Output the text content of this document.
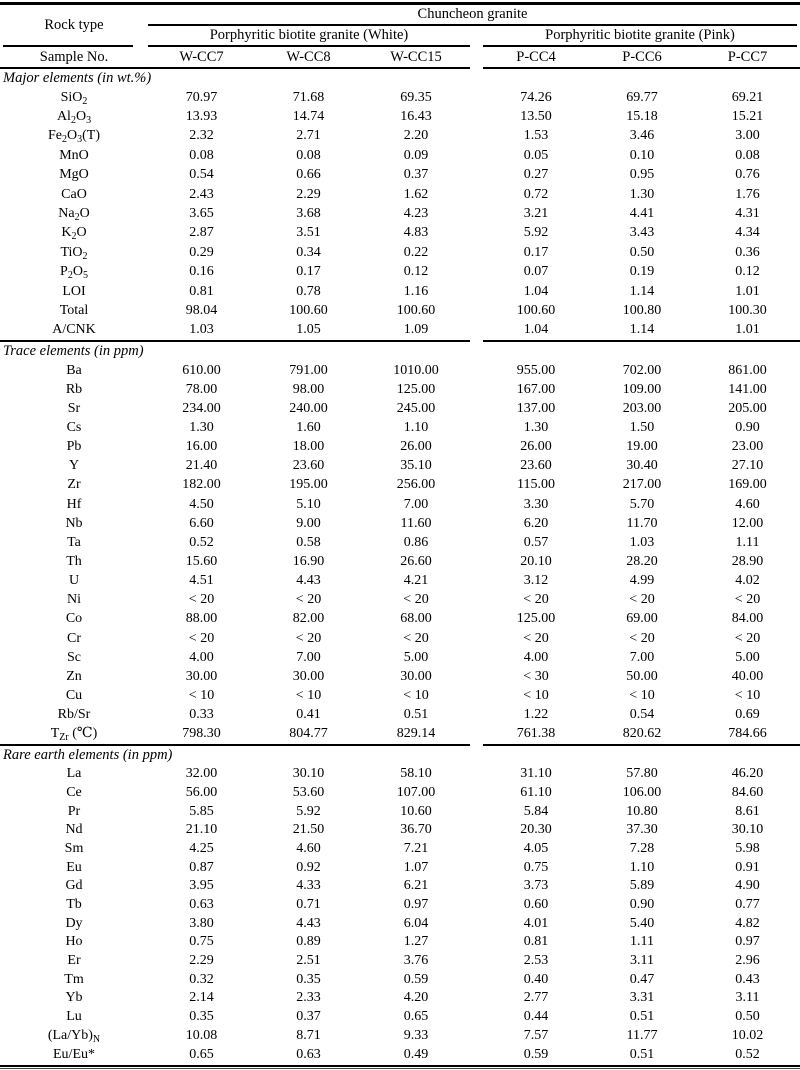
Rock type
Chuncheon granite
Porphyritic biotite granite (White)	Porphyritic biotite granite (Pink)
Sample No.	W-CC7	W-CC8	W-CC15	P-CC4	P-CC6	P-CC7
Major elements (in wt.%)
SiO$_2$	70.97	71.68	69.35	74.26	69.77	69.21
$Al_2O_3$	13.93	14.74	16.43	13.50	15.18	15.21
$Fe_2O_3(T)$	2.32	2.71	2.20	1.53	3.46	3.00
MnO	0.08	0.08	0.09	0.05	0.10	0.08
MgO	0.54	0.66	0.37	0.27	0.95	0.76
CaO	2.43	2.29	1.62	0.72	1.30	1.76
$Na_2O$	3.65	3.68	4.23	3.21	4.41	4.31
$K_2O$	2.87	3.51	4.83	5.92	3.43	4.34
TiO$_2$	0.29	0.34	0.22	0.17	0.50	0.36
$P_2O_5$	0.16	0.17	0.12	0.07	0.19	0.12
LOI	0.81	0.78	1.16	1.04	1.14	1.01
Total	98.04	100.60	100.60	100.60	100.80	100.30
A/CNK	1.03	1.05	1.09	1.04	1.14	1.01
Trace elements (in ppm)
Ba	610.00	791.00	1010.00	955.00	702.00	861.00
Rb	78.00	98.00	125.00	167.00	109.00	141.00
Sr	234.00	240.00	245.00	137.00	203.00	205.00
Cs	1.30	1.60	1.10	1.30	1.50	0.90
Pb	16.00	18.00	26.00	26.00	19.00	23.00
Y	21.40	23.60	35.10	23.60	30.40	27.10
Zr	182.00	195.00	256.00	115.00	217.00	169.00
Hf	4.50	5.10	7.00	3.30	5.70	4.60
Nb	6.60	9.00	11.60	6.20	11.70	12.00
Ta	0.52	0.58	0.86	0.57	1.03	1.11
Th	15.60	16.90	26.60	20.10	28.20	28.90
U	4.51	4.43	4.21	3.12	4.99	4.02
Ni	< 20	< 20	< 20	< 20	< 20	< 20
Co	88.00	82.00	68.00	125.00	69.00	84.00
Cr	< 20	< 20	< 20	< 20	< 20	< 20
Sc	4.00	7.00	5.00	4.00	7.00	5.00
Zn	30.00	30.00	30.00	< 30	50.00	40.00
Cu	< 10	< 10	< 10	< 10	< 10	< 10
Rb/Sr	0.33	0.41	0.51	1.22	0.54	0.69
$T_{Zr}$ (℃)	798.30	804.77	829.14	761.38	820.62	784.66
Rare earth elements (in ppm)
La	32.00	30.10	58.10	31.10	57.80	46.20
Ce	56.00	53.60	107.00	61.10	106.00	84.60
Pr	5.85	5.92	10.60	5.84	10.80	8.61
Nd	21.10	21.50	36.70	20.30	37.30	30.10
Sm	4.25	4.60	7.21	4.05	7.28	5.98
Eu	0.87	0.92	1.07	0.75	1.10	0.91
Gd	3.95	4.33	6.21	3.73	5.89	4.90
Tb	0.63	0.71	0.97	0.60	0.90	0.77
Dy	3.80	4.43	6.04	4.01	5.40	4.82
Ho	0.75	0.89	1.27	0.81	1.11	0.97
Er	2.29	2.51	3.76	2.53	3.11	2.96
Tm	0.32	0.35	0.59	0.40	0.47	0.43
Yb	2.14	2.33	4.20	2.77	3.31	3.11
Lu	0.35	0.37	0.65	0.44	0.51	0.50
$(La/Yb)_N$	10.08	8.71	9.33	7.57	11.77	10.02
Eu/Eu*	0.65	0.63	0.49	0.59	0.51	0.52
